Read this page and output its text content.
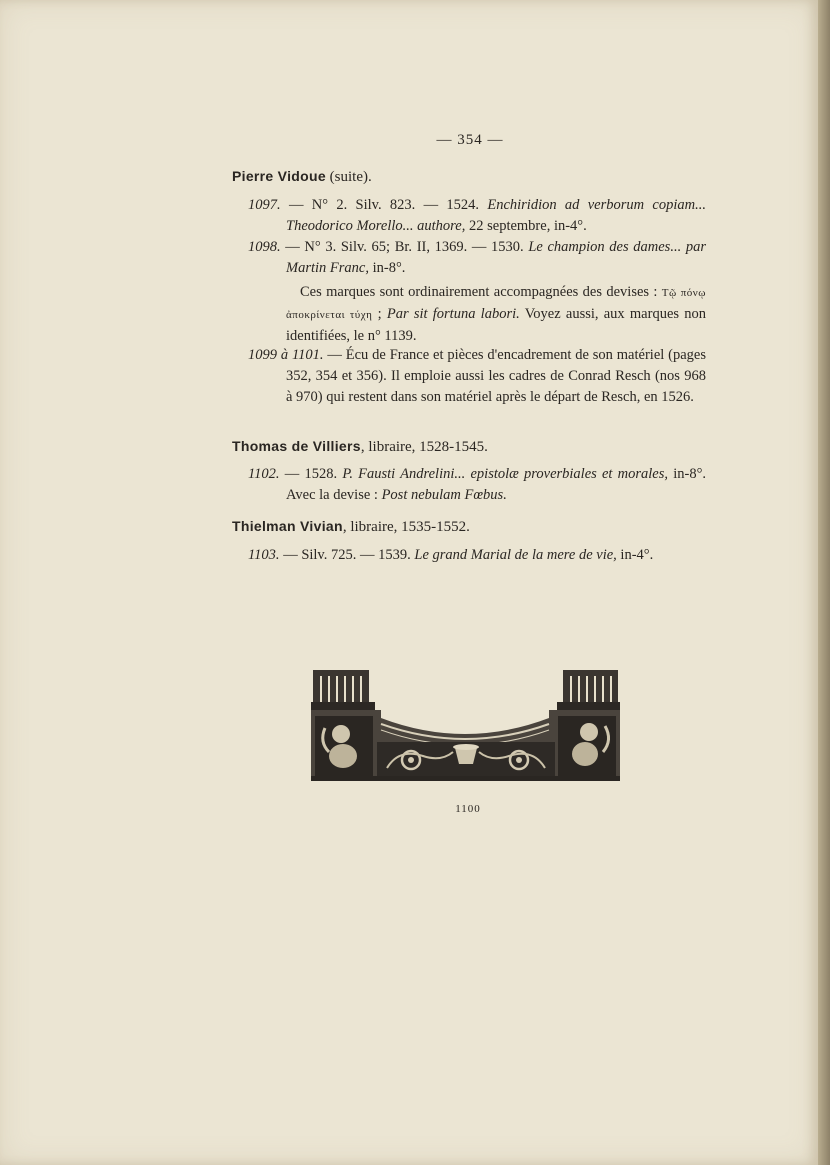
— 354 —
Pierre Vidoue (suite).
1097. — N° 2. Silv. 823. — 1524. Enchiridion ad verborum copiam... Theodorico Morello... authore, 22 septembre, in-4°.
1098. — N° 3. Silv. 65; Br. II, 1369. — 1530. Le champion des dames... par Martin Franc, in-8°.
Ces marques sont ordinairement accompagnées des devises : Τῷ πόνῳ ἀποκρίνεται τύχη ; Par sit fortuna labori. Voyez aussi, aux marques non identifiées, le n° 1139.
1099 à 1101. — Écu de France et pièces d'encadrement de son matériel (pages 352, 354 et 356). Il emploie aussi les cadres de Conrad Resch (nos 968 à 970) qui restent dans son matériel après le départ de Resch, en 1526.
Thomas de Villiers, libraire, 1528-1545.
1102. — 1528. P. Fausti Andrelini... epistolæ proverbiales et morales, in-8°. Avec la devise : Post nebulam Fœbus.
Thielman Vivian, libraire, 1535-1552.
1103. — Silv. 725. — 1539. Le grand Marial de la mere de vie, in-4°.
1100
